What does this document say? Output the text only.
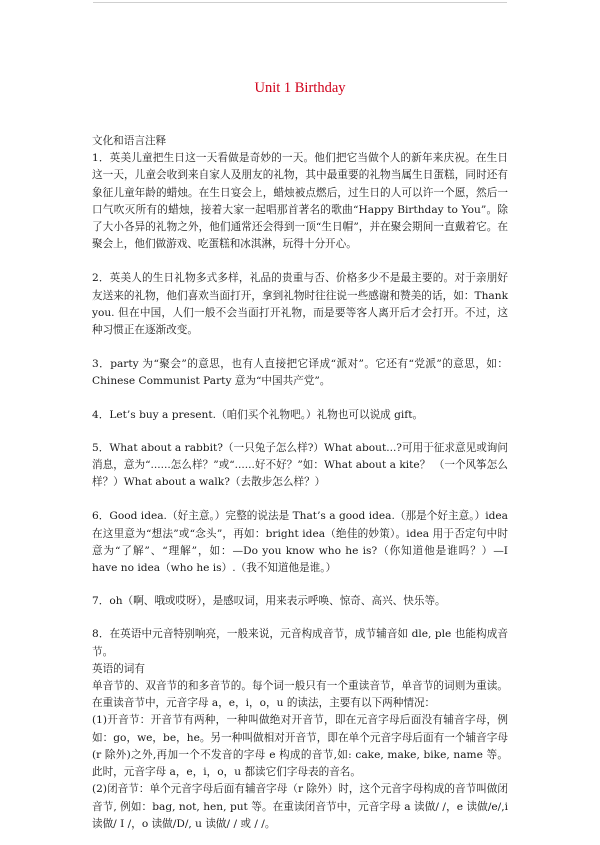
Unit 1 Birthday

文化和语言注释

1．英美儿童把生日这一天看做是奇妙的一天。他们把它当做个人的新年来庆祝。在生日这一天，儿童会收到来自家人及朋友的礼物，其中最重要的礼物当属生日蛋糕，同时还有象征儿童年龄的蜡烛。在生日宴会上，蜡烛被点燃后，过生日的人可以许一个愿，然后一口气吹灭所有的蜡烛，接着大家一起唱那首著名的歌曲“Happy Birthday to You”。除了大小各异的礼物之外，他们通常还会得到一顶“生日帽”，并在聚会期间一直戴着它。在聚会上，他们做游戏、吃蛋糕和冰淇淋，玩得十分开心。

2．英美人的生日礼物多式多样，礼品的贵重与否、价格多少不是最主要的。对于亲朋好友送来的礼物，他们喜欢当面打开，拿到礼物时往往说一些感谢和赞美的话，如：Thank you. 但在中国，人们一般不会当面打开礼物，而是要等客人离开后才会打开。不过，这种习惯正在逐渐改变。

3．party 为“聚会”的意思，也有人直接把它译成“派对”。它还有“党派”的意思，如：Chinese Communist Party 意为“中国共产党”。

4．Let’s buy a present.（咱们买个礼物吧。）礼物也可以说成 gift。

5．What about a rabbit?（一只兔子怎么样?）What about...?可用于征求意见或询问消息，意为“......怎么样？”或“......好不好？”如：What about a kite？ （一个风筝怎么样？）What about a walk?（去散步怎么样？）

6．Good idea.（好主意。）完整的说法是 That’s a good idea.（那是个好主意。）idea 在这里意为“想法”或“念头”，再如：bright idea（绝佳的妙策）。idea 用于否定句中时意为“了解”、“理解”，如：—Do you know who he is?（你知道他是谁吗？）—I have no idea（who he is）.（我不知道他是谁。）

7．oh（啊、哦或哎呀），是感叹词，用来表示呼唤、惊奇、高兴、快乐等。

8．在英语中元音特别响亮，一般来说，元音构成音节，成节辅音如 dle, ple 也能构成音节。

英语的词有

单音节的、双音节的和多音节的。每个词一般只有一个重读音节，单音节的词则为重读。在重读音节中，元音字母 a，e，i，o，u 的读法，主要有以下两种情况：

(1)开音节：开音节有两种，一种叫做绝对开音节，即在元音字母后面没有辅音字母，例如：go，we，be，he。另一种叫做相对开音节，即在单个元音字母后面有一个辅音字母(r 除外)之外,再加一个不发音的字母 e 构成的音节,如: cake, make, bike, name 等。此时，元音字母 a，e，i，o，u 都读它们字母表的音名。

(2)闭音节：单个元音字母后面有辅音字母（r 除外）时，这个元音字母构成的音节叫做闭音节, 例如：bag, not, hen, put 等。在重读闭音节中，元音字母 a 读做/ /，e 读做/e/,i 读做/ I /，o 读做/D/, u 读做/ / 或 / /。
